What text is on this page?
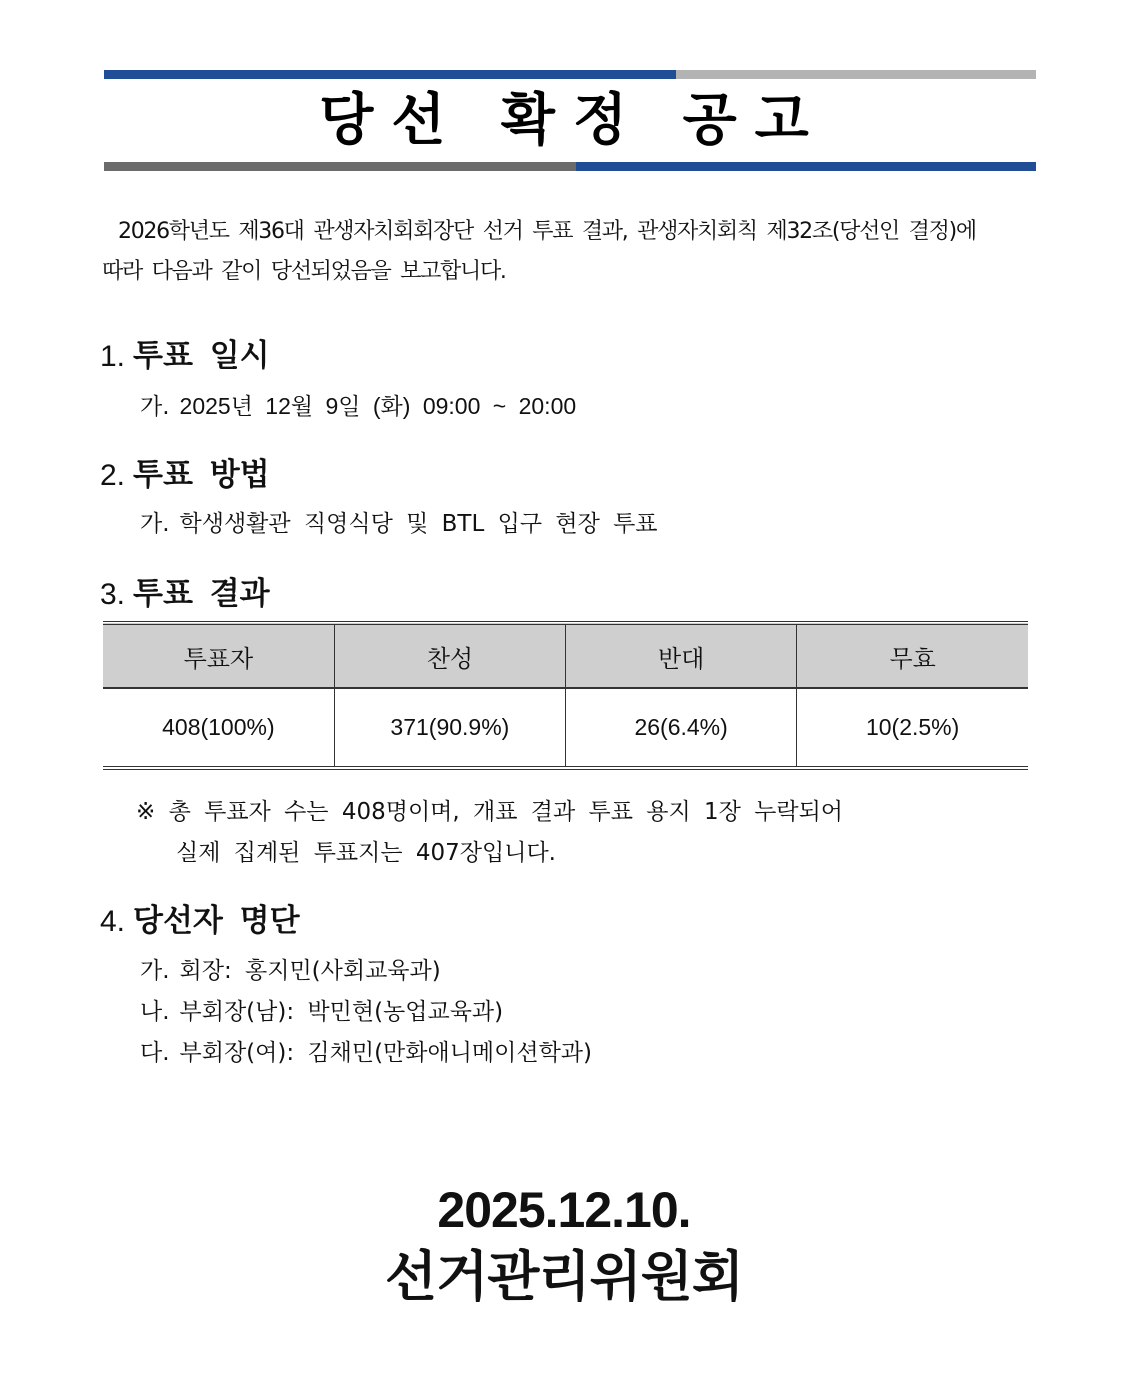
당선 확정 공고
2026학년도 제36대 관생자치회회장단 선거 투표 결과, 관생자치회칙 제32조(당선인 결정)에
따라 다음과 같이 당선되었음을 보고합니다.
1. 투표 일시
가. 2025년 12월 9일 (화) 09:00 ~ 20:00
2. 투표 방법
가. 학생생활관 직영식당 및 BTL 입구 현장 투표
3. 투표 결과
투표자	찬성	반대	무효
408(100%)	371(90.9%)	26(6.4%)	10(2.5%)
※ 총 투표자 수는 408명이며, 개표 결과 투표 용지 1장 누락되어
실제 집계된 투표지는 407장입니다.
4. 당선자 명단
가. 회장: 홍지민(사회교육과)
나. 부회장(남): 박민현(농업교육과)
다. 부회장(여): 김채민(만화애니메이션학과)
2025.12.10.
선거관리위원회
